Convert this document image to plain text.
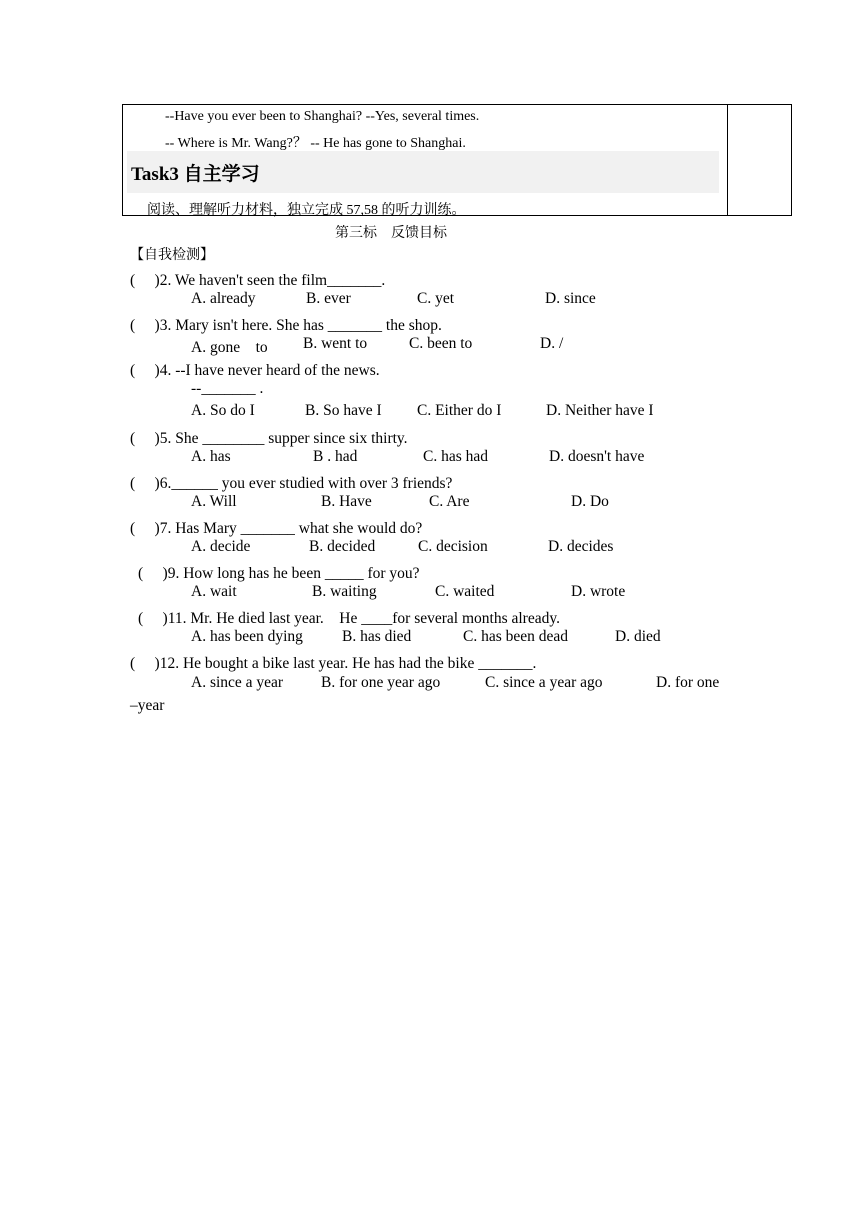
--Have you ever been to Shanghai? --Yes, several times.
-- Where is Mr. Wang?？ -- He has gone to Shanghai.
Task3 自主学习
阅读、理解听力材料，独立完成 57,58 的听力训练。
第三标　反馈目标
【自我检测】
(　 )2. We haven't seen the film_______.
A. already	B. ever	C. yet	D. since
(　 )3. Mary isn't here. She has _______ the shop.
A. gone　to B. went to	C. been to	D. /
(　 )4. --I have never heard of the news.
--_______ .
A. So do I	B. So have I C. Either do I	D. Neither have I
(　 )5. She ________ supper since six thirty.
A. has	B . had	C. has had	D. doesn't have
(　 )6.______ you ever studied with over 3 friends?
A. Will	B. Have	C. Are	D. Do
(　 )7. Has Mary _______ what she would do?
A. decide	B. decided	C. decision	D. decides
(　 )9. How long has he been _____ for you?
A. wait	B. waiting	C. waited	D. wrote
(　 )11. Mr. He died last year.　He ____for several months already.
A. has been dying	B. has died	C. has been dead	D. died
(　 )12. He bought a bike last year. He has had the bike _______.
A. since a year B. for one year ago	C. since a year ago	D. for one
–year
